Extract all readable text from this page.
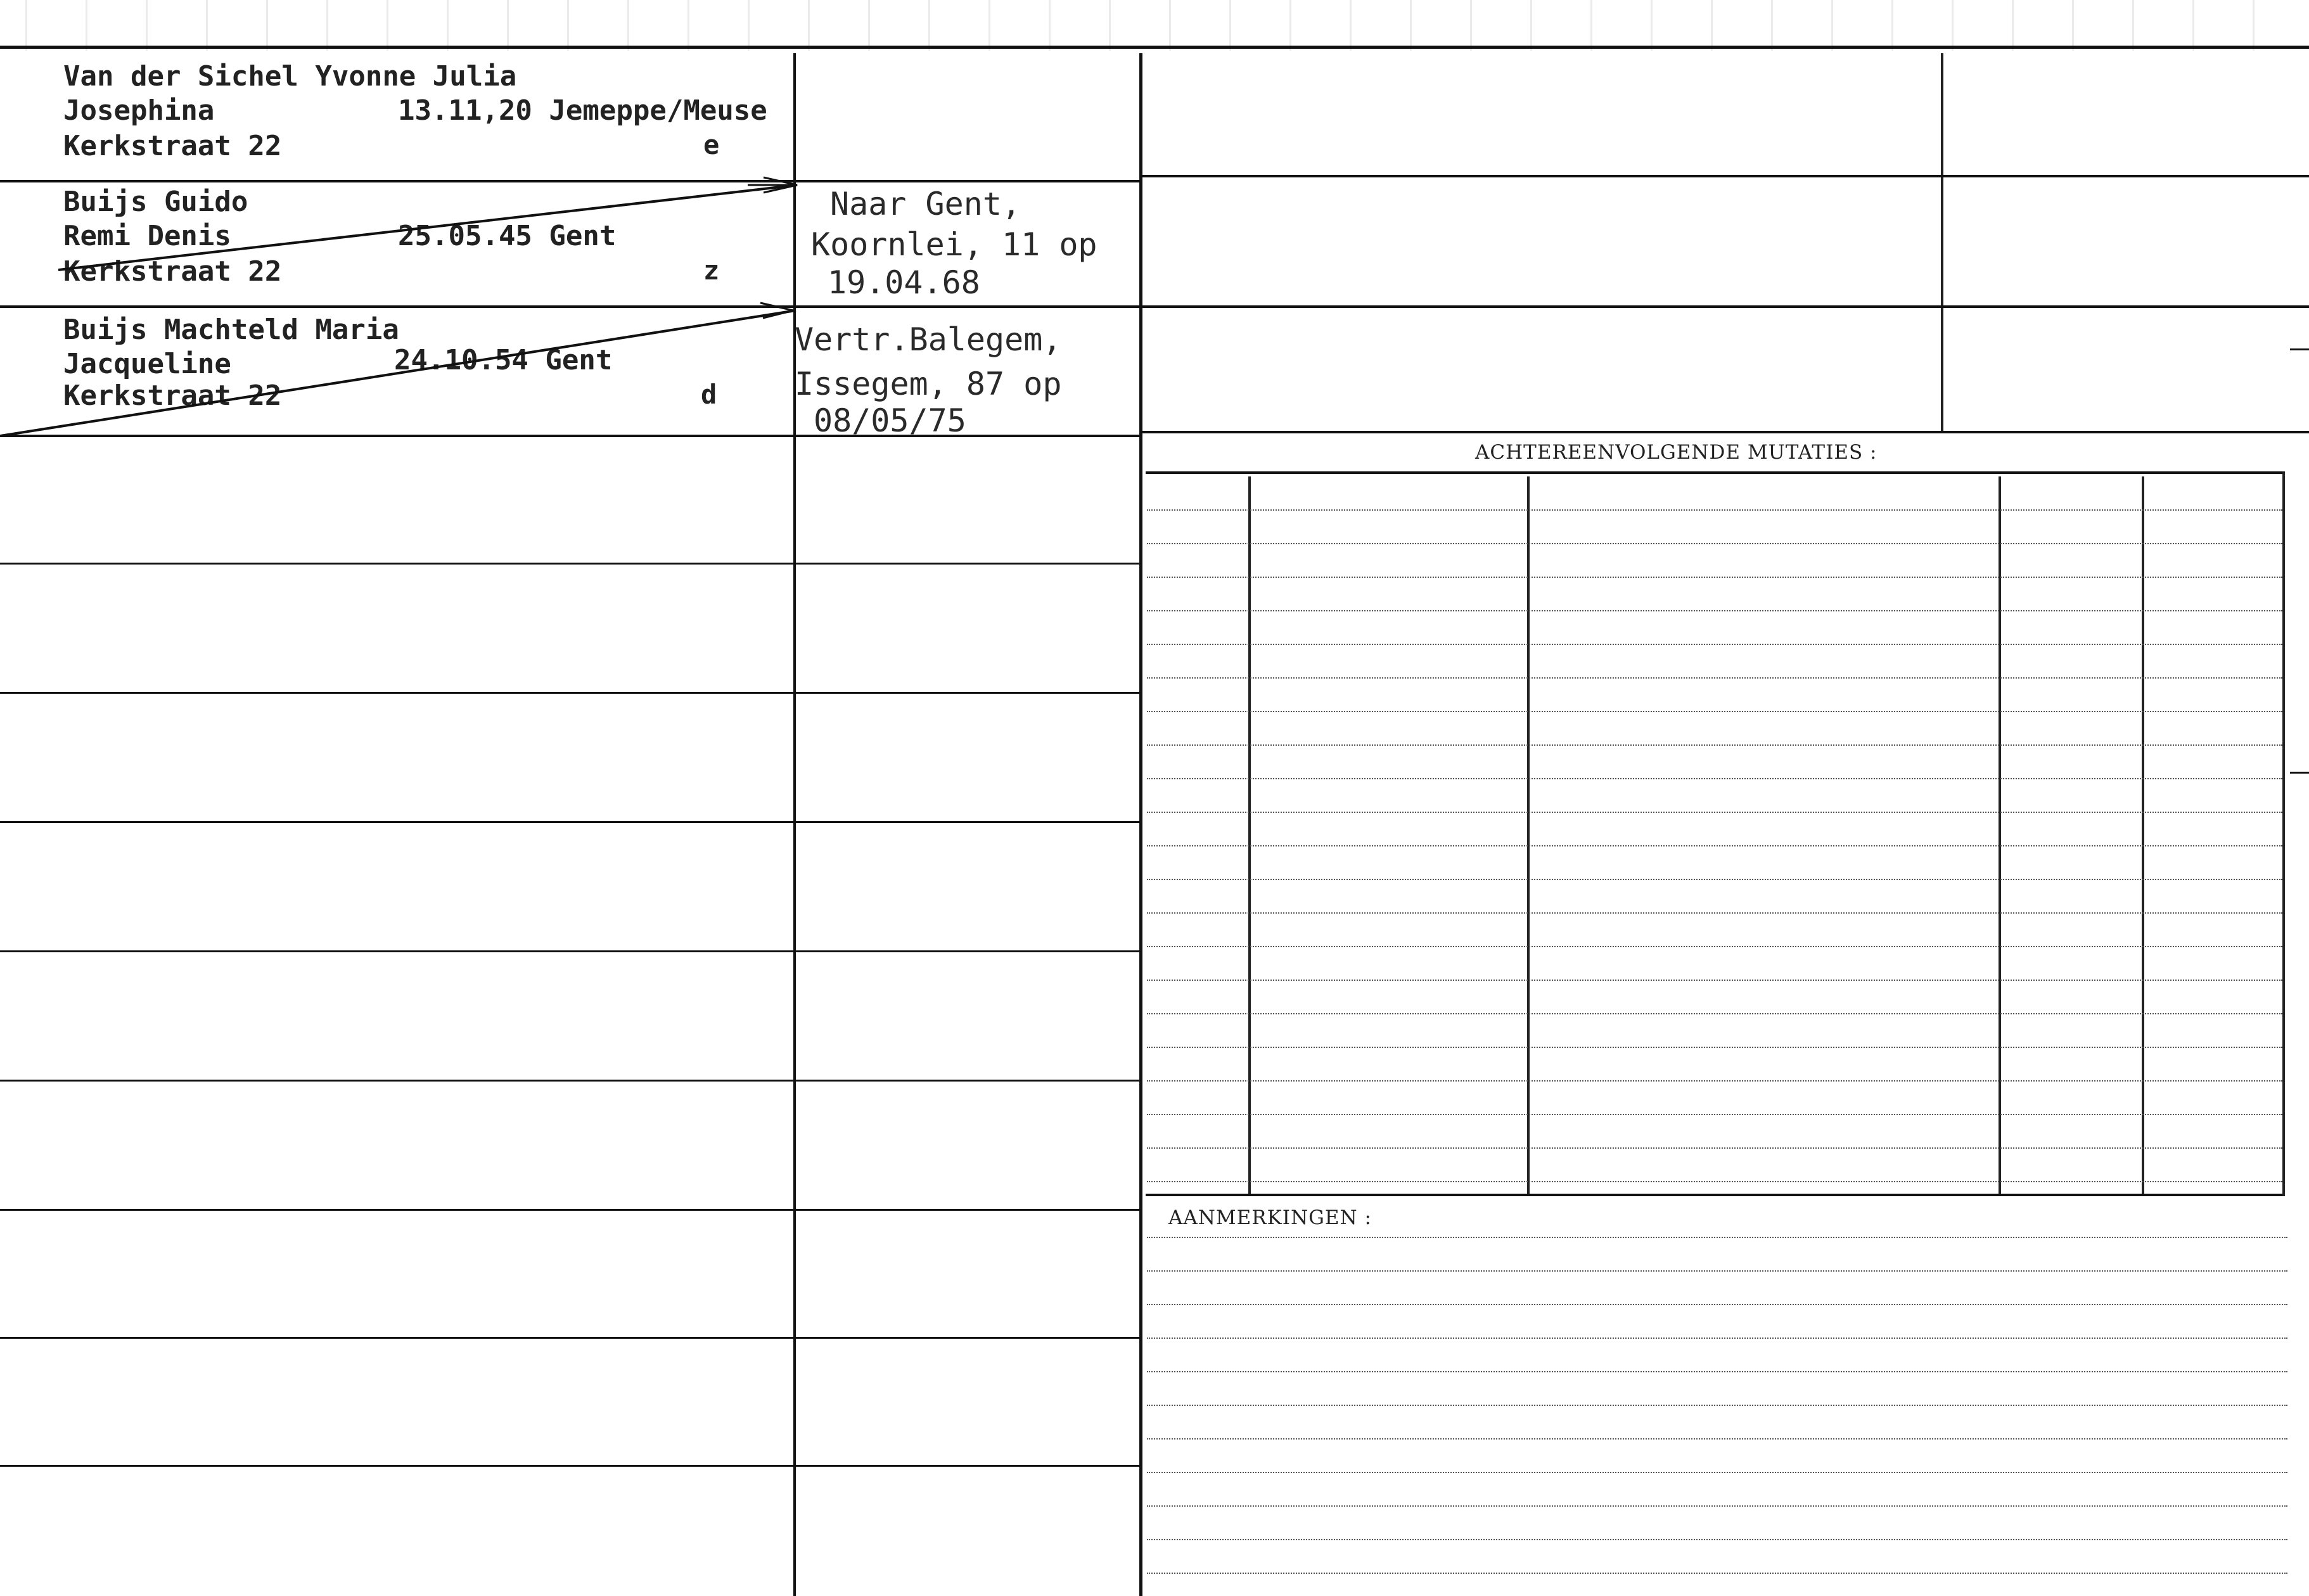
ACHTEREENVOLGENDE MUTATIES :
AANMERKINGEN :
Van der Sichel Yvonne Julia
Josephina	13.11,20 Jemeppe/Meuse
Kerkstraat 22	e
Buijs Guido
Remi Denis	25.05.45 Gent
Kerkstraat 22	z
Naar Gent,
Koornlei, 11 op
19.04.68
Buijs Machteld Maria
Jacqueline	24.10.54 Gent
Kerkstraat 22	d
Vertr.Balegem,
Issegem, 87 op
08/05/75
